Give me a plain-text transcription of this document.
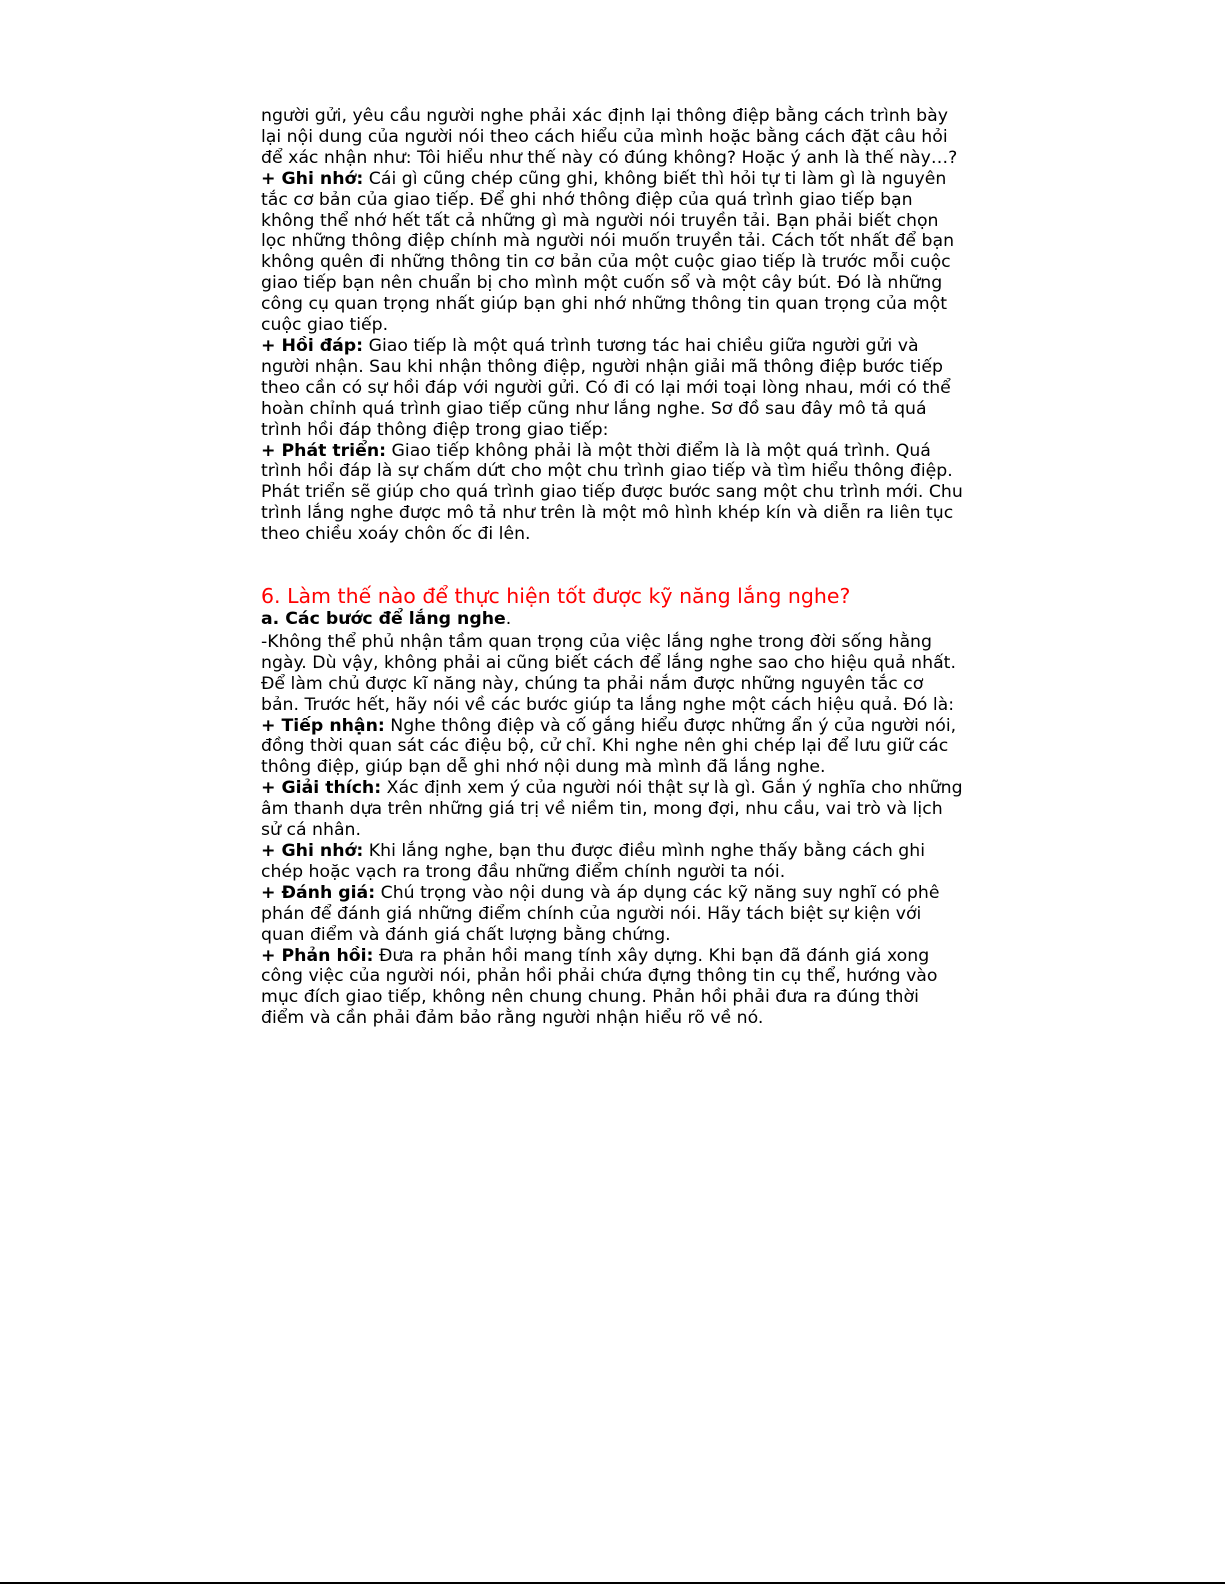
người gửi, yêu cầu người nghe phải xác định lại thông điệp bằng cách trình bày lại nội dung của người nói theo cách hiểu của mình hoặc bằng cách đặt câu hỏi để xác nhận như: Tôi hiểu như thế này có đúng không? Hoặc ý anh là thế này…?

+ Ghi nhớ: Cái gì cũng chép cũng ghi, không biết thì hỏi tự ti làm gì là nguyên tắc cơ bản của giao tiếp. Để ghi nhớ thông điệp của quá trình giao tiếp bạn không thể nhớ hết tất cả những gì mà người nói truyền tải. Bạn phải biết chọn lọc những thông điệp chính mà người nói muốn truyền tải. Cách tốt nhất để bạn không quên đi những thông tin cơ bản của một cuộc giao tiếp là trước mỗi cuộc giao tiếp bạn nên chuẩn bị cho mình một cuốn sổ và một cây bút. Đó là những công cụ quan trọng nhất giúp bạn ghi nhớ những thông tin quan trọng của một cuộc giao tiếp.

+ Hồi đáp: Giao tiếp là một quá trình tương tác hai chiều giữa người gửi và người nhận. Sau khi nhận thông điệp, người nhận giải mã thông điệp bước tiếp theo cần có sự hồi đáp với người gửi. Có đi có lại mới toại lòng nhau, mới có thể hoàn chỉnh quá trình giao tiếp cũng như lắng nghe. Sơ đồ sau đây mô tả quá trình hồi đáp thông điệp trong giao tiếp:

+ Phát triển: Giao tiếp không phải là một thời điểm là là một quá trình. Quá trình hồi đáp là sự chấm dứt cho một chu trình giao tiếp và tìm hiểu thông điệp. Phát triển sẽ giúp cho quá trình giao tiếp được bước sang một chu trình mới. Chu trình lắng nghe được mô tả như trên là một mô hình khép kín và diễn ra liên tục theo chiều xoáy chôn ốc đi lên.

6. Làm thế nào để thực hiện tốt được kỹ năng lắng nghe?

a. Các bước để lắng nghe.

-Không thể phủ nhận tầm quan trọng của việc lắng nghe trong đời sống hằng ngày. Dù vậy, không phải ai cũng biết cách để lắng nghe sao cho hiệu quả nhất. Để làm chủ được kĩ năng này, chúng ta phải nắm được những nguyên tắc cơ bản. Trước hết, hãy nói về các bước giúp ta lắng nghe một cách hiệu quả. Đó là:

+ Tiếp nhận: Nghe thông điệp và cố gắng hiểu được những ẩn ý của người nói, đồng thời quan sát các điệu bộ, cử chỉ. Khi nghe nên ghi chép lại để lưu giữ các thông điệp, giúp bạn dễ ghi nhớ nội dung mà mình đã lắng nghe.

+ Giải thích: Xác định xem ý của người nói thật sự là gì. Gắn ý nghĩa cho những âm thanh dựa trên những giá trị về niềm tin, mong đợi, nhu cầu, vai trò và lịch sử cá nhân.

+ Ghi nhớ: Khi lắng nghe, bạn thu được điều mình nghe thấy bằng cách ghi chép hoặc vạch ra trong đầu những điểm chính người ta nói.

+ Đánh giá: Chú trọng vào nội dung và áp dụng các kỹ năng suy nghĩ có phê phán để đánh giá những điểm chính của người nói. Hãy tách biệt sự kiện với quan điểm và đánh giá chất lượng bằng chứng.

+ Phản hồi: Đưa ra phản hồi mang tính xây dựng. Khi bạn đã đánh giá xong công việc của người nói, phản hồi phải chứa đựng thông tin cụ thể, hướng vào mục đích giao tiếp, không nên chung chung. Phản hồi phải đưa ra đúng thời điểm và cần phải đảm bảo rằng người nhận hiểu rõ về nó.
